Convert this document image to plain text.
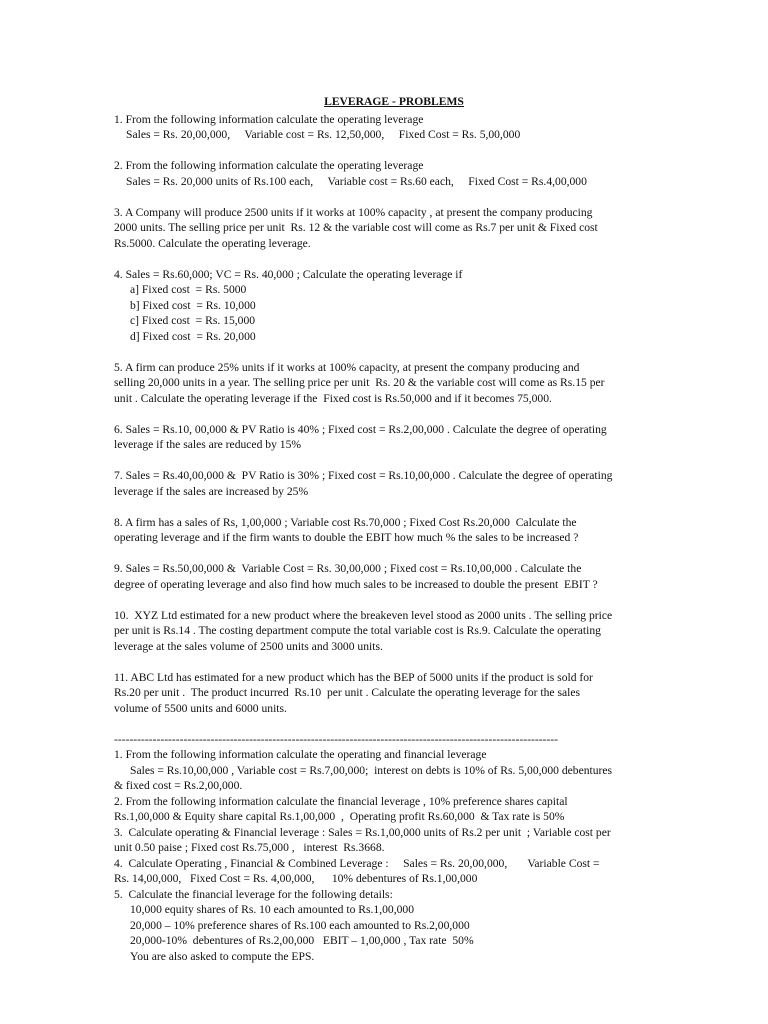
LEVERAGE - PROBLEMS
1. From the following information calculate the operating leverage
Sales = Rs. 20,00,000,     Variable cost = Rs. 12,50,000,     Fixed Cost = Rs. 5,00,000
2. From the following information calculate the operating leverage
Sales = Rs. 20,000 units of Rs.100 each,     Variable cost = Rs.60 each,     Fixed Cost = Rs.4,00,000
3. A Company will produce 2500 units if it works at 100% capacity , at present the company producing
2000 units. The selling price per unit  Rs. 12 & the variable cost will come as Rs.7 per unit & Fixed cost
Rs.5000. Calculate the operating leverage.
4. Sales = Rs.60,000; VC = Rs. 40,000 ; Calculate the operating leverage if
a] Fixed cost  = Rs. 5000
b] Fixed cost  = Rs. 10,000
c] Fixed cost  = Rs. 15,000
d] Fixed cost  = Rs. 20,000
5. A firm can produce 25% units if it works at 100% capacity, at present the company producing and
selling 20,000 units in a year. The selling price per unit  Rs. 20 & the variable cost will come as Rs.15 per
unit . Calculate the operating leverage if the  Fixed cost is Rs.50,000 and if it becomes 75,000.
6. Sales = Rs.10, 00,000 & PV Ratio is 40% ; Fixed cost = Rs.2,00,000 . Calculate the degree of operating
leverage if the sales are reduced by 15%
7. Sales = Rs.40,00,000 &  PV Ratio is 30% ; Fixed cost = Rs.10,00,000 . Calculate the degree of operating
leverage if the sales are increased by 25%
8. A firm has a sales of Rs, 1,00,000 ; Variable cost Rs.70,000 ; Fixed Cost Rs.20,000  Calculate the
operating leverage and if the firm wants to double the EBIT how much % the sales to be increased ?
9. Sales = Rs.50,00,000 &  Variable Cost = Rs. 30,00,000 ; Fixed cost = Rs.10,00,000 . Calculate the
degree of operating leverage and also find how much sales to be increased to double the present  EBIT ?
10.  XYZ Ltd estimated for a new product where the breakeven level stood as 2000 units . The selling price
per unit is Rs.14 . The costing department compute the total variable cost is Rs.9. Calculate the operating
leverage at the sales volume of 2500 units and 3000 units.
11. ABC Ltd has estimated for a new product which has the BEP of 5000 units if the product is sold for
Rs.20 per unit .  The product incurred  Rs.10  per unit . Calculate the operating leverage for the sales
volume of 5500 units and 6000 units.
-------------------------------------------------------------------------------------------------------------------
1. From the following information calculate the operating and financial leverage
Sales = Rs.10,00,000 , Variable cost = Rs.7,00,000;  interest on debts is 10% of Rs. 5,00,000 debentures
& fixed cost = Rs.2,00,000.
2. From the following information calculate the financial leverage , 10% preference shares capital
Rs.1,00,000 & Equity share capital Rs.1,00,000  ,  Operating profit Rs.60,000  & Tax rate is 50%
3.  Calculate operating & Financial leverage : Sales = Rs.1,00,000 units of Rs.2 per unit  ; Variable cost per
unit 0.50 paise ; Fixed cost Rs.75,000 ,   interest  Rs.3668.
4.  Calculate Operating , Financial & Combined Leverage :     Sales = Rs. 20,00,000,       Variable Cost =
Rs. 14,00,000,   Fixed Cost = Rs. 4,00,000,      10% debentures of Rs.1,00,000
5.  Calculate the financial leverage for the following details:
10,000 equity shares of Rs. 10 each amounted to Rs.1,00,000
20,000 – 10% preference shares of Rs.100 each amounted to Rs.2,00,000
20,000-10%  debentures of Rs.2,00,000   EBIT – 1,00,000 , Tax rate  50%
You are also asked to compute the EPS.
